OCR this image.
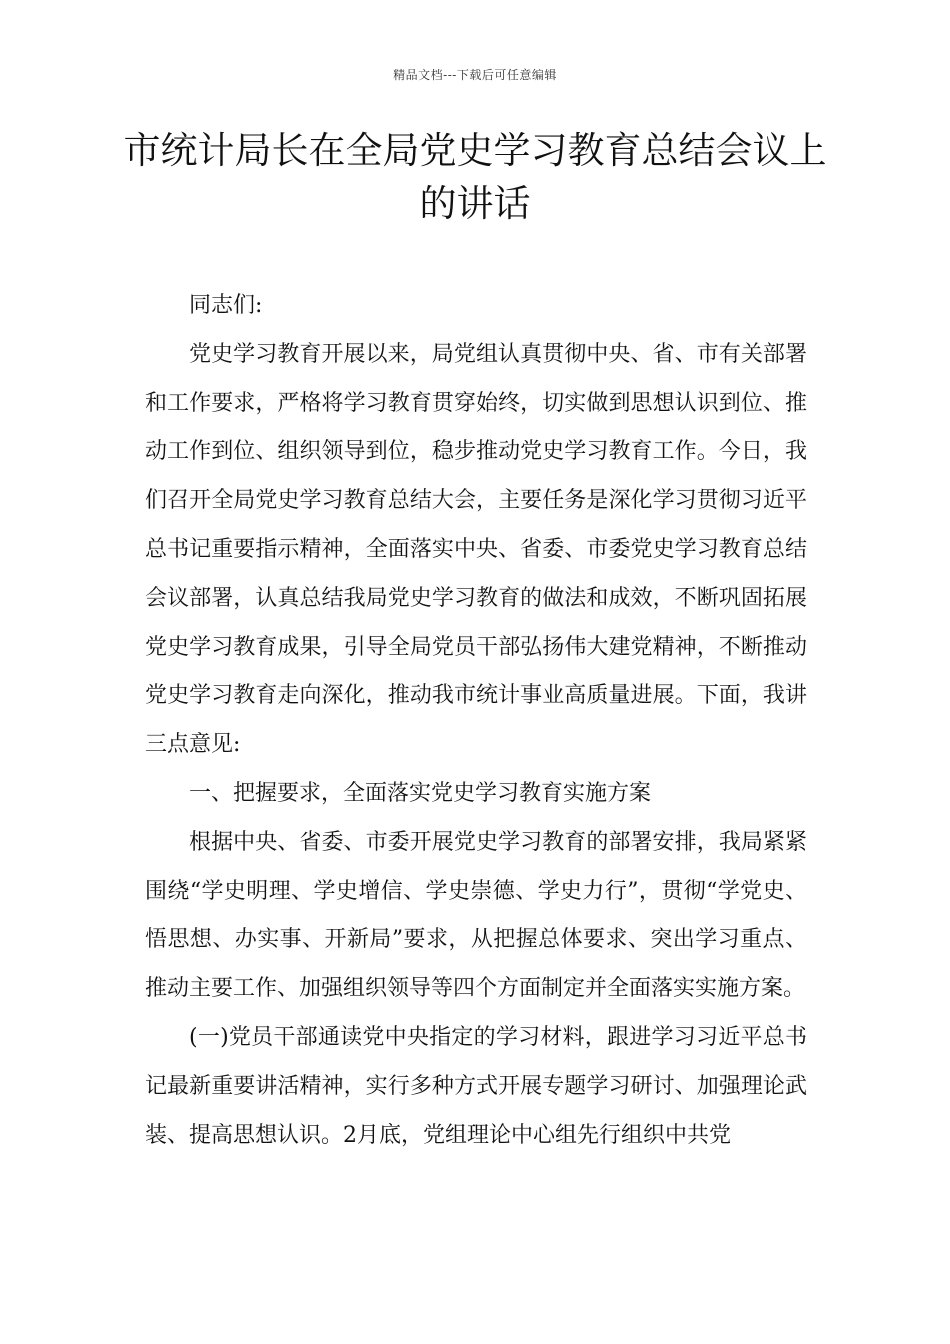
精品文档---下载后可任意编辑
市统计局长在全局党史学习教育总结会议上的讲话

同志们:

党史学习教育开展以来，局党组认真贯彻中央、省、市有关部署和工作要求，严格将学习教育贯穿始终，切实做到思想认识到位、推动工作到位、组织领导到位，稳步推动党史学习教育工作。今日，我们召开全局党史学习教育总结大会，主要任务是深化学习贯彻习近平总书记重要指示精神，全面落实中央、省委、市委党史学习教育总结会议部署，认真总结我局党史学习教育的做法和成效，不断巩固拓展党史学习教育成果，引导全局党员干部弘扬伟大建党精神，不断推动党史学习教育走向深化，推动我市统计事业高质量进展。下面，我讲三点意见:

一、把握要求，全面落实党史学习教育实施方案

根据中央、省委、市委开展党史学习教育的部署安排，我局紧紧围绕“学史明理、学史增信、学史崇德、学史力行”，贯彻“学党史、悟思想、办实事、开新局”要求，从把握总体要求、突出学习重点、推动主要工作、加强组织领导等四个方面制定并全面落实实施方案。

(一)党员干部通读党中央指定的学习材料，跟进学习习近平总书记最新重要讲活精神，实行多种方式开展专题学习研讨、加强理论武装、提高思想认识。2月底，党组理论中心组先行组织中共党
